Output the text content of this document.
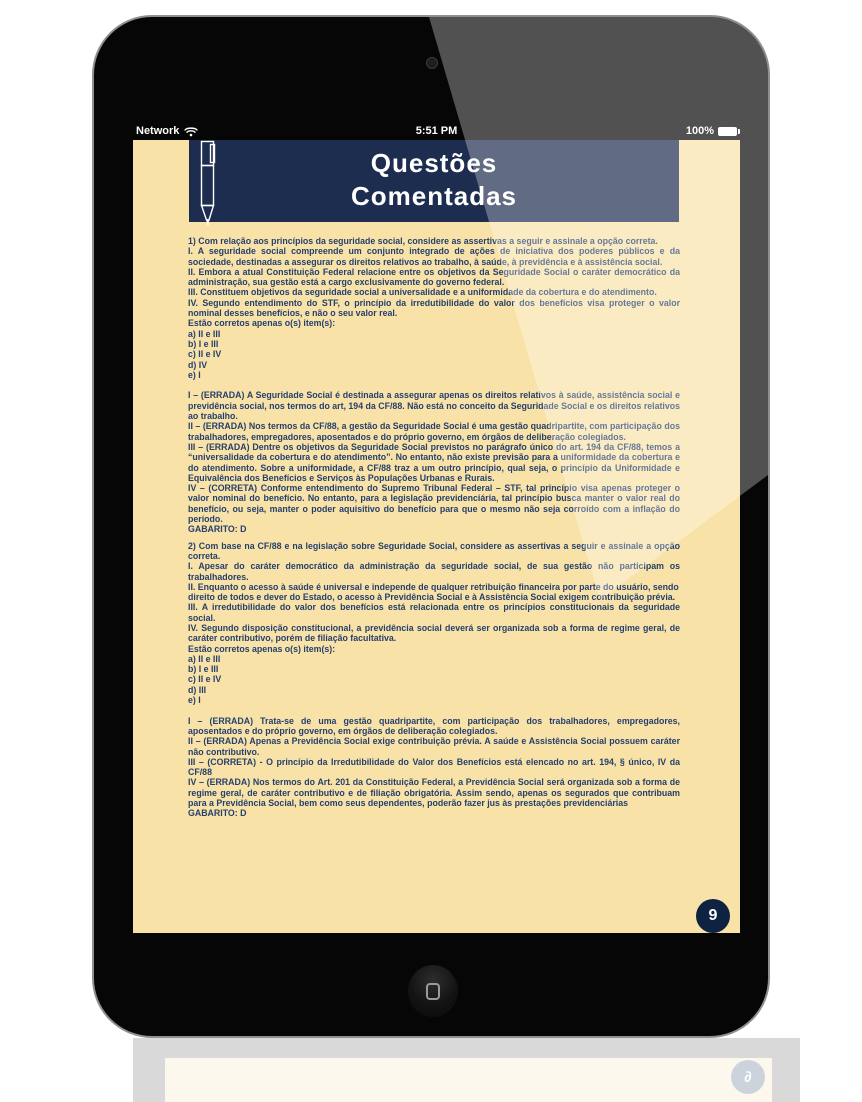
Network	5:51 PM	100%
Questões
Comentadas
1) Com relação aos princípios da seguridade social, considere as assertivas a seguir e assinale a opção correta.
I. A seguridade social compreende um conjunto integrado de ações de iniciativa dos poderes públicos e da sociedade, destinadas a assegurar os direitos relativos ao trabalho, à saúde, à previdência e à assistência social.
II. Embora a atual Constituição Federal relacione entre os objetivos da Seguridade Social o caráter democrático da administração, sua gestão está a cargo exclusivamente do governo federal.
III. Constituem objetivos da seguridade social a universalidade e a uniformidade da cobertura e do atendimento.
IV. Segundo entendimento do STF, o princípio da irredutibilidade do valor dos benefícios visa proteger o valor nominal desses benefícios, e não o seu valor real.
Estão corretos apenas o(s) item(s):
a) II e III
b) I e III
c) II e IV
d) IV
e) I
I – (ERRADA) A Seguridade Social é destinada a assegurar apenas os direitos relativos à saúde, assistência social e previdência social, nos termos do art, 194 da CF/88. Não está no conceito da Seguridade Social e os direitos relativos ao trabalho.
II – (ERRADA) Nos termos da CF/88, a gestão da Seguridade Social é uma gestão quadripartite, com participação dos trabalhadores, empregadores, aposentados e do próprio governo, em órgãos de deliberação colegiados.
III – (ERRADA) Dentre os objetivos da Seguridade Social previstos no parágrafo único do art. 194 da CF/88, temos a “universalidade da cobertura e do atendimento”. No entanto, não existe previsão para a uniformidade da cobertura e do atendimento. Sobre a uniformidade, a CF/88 traz a um outro princípio, qual seja, o princípio da Uniformidade e Equivalência dos Benefícios e Serviços às Populações Urbanas e Rurais.
IV – (CORRETA) Conforme entendimento do Supremo Tribunal Federal – STF, tal princípio visa apenas proteger o valor nominal do benefício. No entanto, para a legislação previdenciária, tal princípio busca manter o valor real do benefício, ou seja, manter o poder aquisitivo do benefício para que o mesmo não seja corroído com a inflação do período.
GABARITO: D
2) Com base na CF/88 e na legislação sobre Seguridade Social, considere as assertivas a seguir e assinale a opção correta.
I. Apesar do caráter democrático da administração da seguridade social, de sua gestão não participam os trabalhadores.
II. Enquanto o acesso à saúde é universal e independe de qualquer retribuição financeira por parte do usuário, sendo
direito de todos e dever do Estado, o acesso à Previdência Social e à Assistência Social exigem contribuição prévia.
III. A irredutibilidade do valor dos benefícios está relacionada entre os princípios constitucionais da seguridade social.
IV. Segundo disposição constitucional, a previdência social deverá ser organizada sob a forma de regime geral, de caráter contributivo, porém de filiação facultativa.
Estão corretos apenas o(s) item(s):
a) II e III
b) I e III
c) II e IV
d) III
e) I
I – (ERRADA) Trata-se de uma gestão quadripartite, com participação dos trabalhadores, empregadores, aposentados e do próprio governo, em órgãos de deliberação colegiados.
II – (ERRADA) Apenas a Previdência Social exige contribuição prévia. A saúde e Assistência Social possuem caráter não contributivo.
III – (CORRETA) - O princípio da Irredutibilidade do Valor dos Benefícios está elencado no art. 194, § único, IV da CF/88
IV – (ERRADA) Nos termos do Art. 201 da Constituição Federal, a Previdência Social será organizada sob a forma de regime geral, de caráter contributivo e de filiação obrigatória. Assim sendo, apenas os segurados que contribuam para a Previdência Social, bem como seus dependentes, poderão fazer jus às prestações previdenciárias
GABARITO: D
9
∂
